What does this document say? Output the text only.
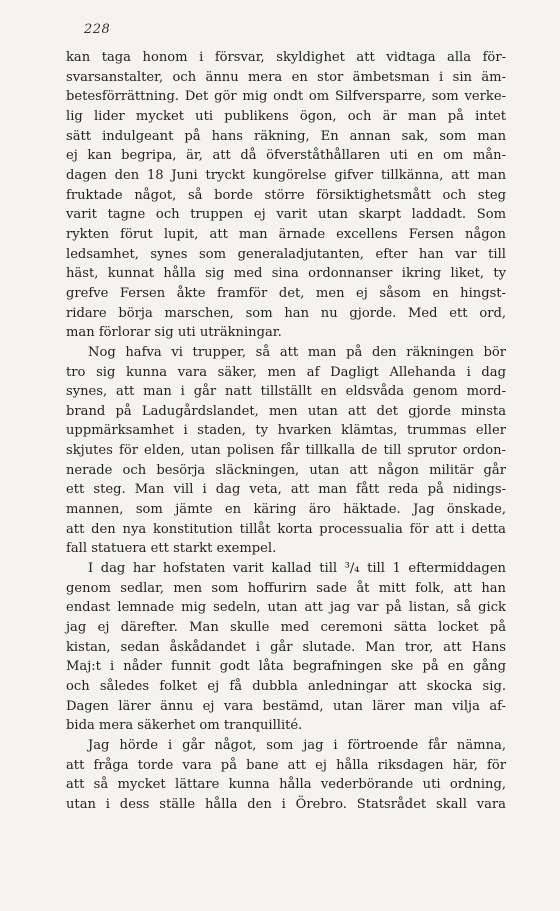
228
kan taga honom i försvar, skyldighet att vidtaga alla för-
svarsanstalter, och ännu mera en stor ämbetsman i sin äm-
betesförrättning. Det gör mig ondt om Silfversparre, som verke-
lig lider mycket uti publikens ögon, och är man på intet
sätt indulgeant på hans räkning, En annan sak, som man
ej kan begripa, är, att då öfverståthållaren uti en om mån-
dagen den 18 Juni tryckt kungörelse gifver tillkänna, att man
fruktade något, så borde större försiktighetsmått och steg
varit tagne och truppen ej varit utan skarpt laddadt. Som
rykten förut lupit, att man ärnade excellens Fersen någon
ledsamhet, synes som generaladjutanten, efter han var till
häst, kunnat hålla sig med sina ordonnanser ikring liket, ty
grefve Fersen åkte framför det, men ej såsom en hingst-
ridare börja marschen, som han nu gjorde. Med ett ord,
man förlorar sig uti uträkningar.
Nog hafva vi trupper, så att man på den räkningen bör
tro sig kunna vara säker, men af Dagligt Allehanda i dag
synes, att man i går natt tillställt en eldsvåda genom mord-
brand på Ladugårdslandet, men utan att det gjorde minsta
uppmärksamhet i staden, ty hvarken klämtas, trummas eller
skjutes för elden, utan polisen får tillkalla de till sprutor ordon-
nerade och besörja släckningen, utan att någon militär går
ett steg. Man vill i dag veta, att man fått reda på nidings-
mannen, som jämte en käring äro häktade. Jag önskade,
att den nya konstitution tillåt korta processualia för att i detta
fall statuera ett starkt exempel.
I dag har hofstaten varit kallad till ³/₄ till 1 eftermiddagen
genom sedlar, men som hoffurirn sade åt mitt folk, att han
endast lemnade mig sedeln, utan att jag var på listan, så gick
jag ej därefter. Man skulle med ceremoni sätta locket på
kistan, sedan åskådandet i går slutade. Man tror, att Hans
Maj:t i nåder funnit godt låta begrafningen ske på en gång
och således folket ej få dubbla anledningar att skocka sig.
Dagen lärer ännu ej vara bestämd, utan lärer man vilja af-
bida mera säkerhet om tranquillité.
Jag hörde i går något, som jag i förtroende får nämna,
att fråga torde vara på bane att ej hålla riksdagen här, för
att så mycket lättare kunna hålla vederbörande uti ordning,
utan i dess ställe hålla den i Örebro. Statsrådet skall vara
